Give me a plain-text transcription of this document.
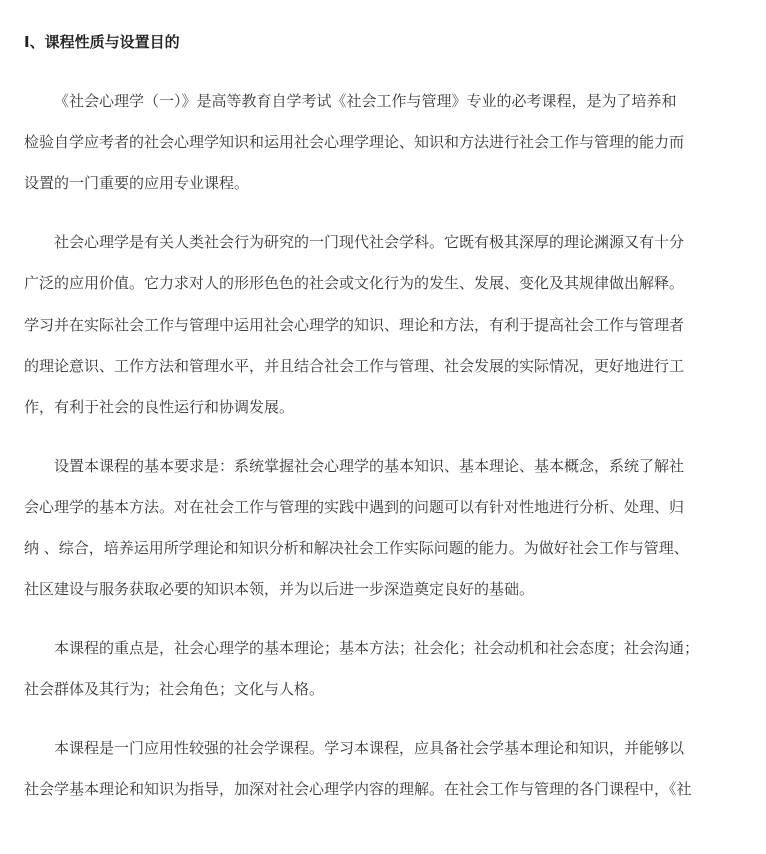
I、课程性质与设置目的
《社会心理学（一）》是高等教育自学考试《社会工作与管理》专业的必考课程，是为了培养和
检验自学应考者的社会心理学知识和运用社会心理学理论、知识和方法进行社会工作与管理的能力而
设置的一门重要的应用专业课程。
社会心理学是有关人类社会行为研究的一门现代社会学科。它既有极其深厚的理论渊源又有十分
广泛的应用价值。它力求对人的形形色色的社会或文化行为的发生、发展、变化及其规律做出解释。
学习并在实际社会工作与管理中运用社会心理学的知识、理论和方法，有利于提高社会工作与管理者
的理论意识、工作方法和管理水平，并且结合社会工作与管理、社会发展的实际情况，更好地进行工
作，有利于社会的良性运行和协调发展。
设置本课程的基本要求是：系统掌握社会心理学的基本知识、基本理论、基本概念，系统了解社
会心理学的基本方法。对在社会工作与管理的实践中遇到的问题可以有针对性地进行分析、处理、归
纳 、综合，培养运用所学理论和知识分析和解决社会工作实际问题的能力。为做好社会工作与管理、
社区建设与服务获取必要的知识本领，并为以后进一步深造奠定良好的基础。
本课程的重点是，社会心理学的基本理论；基本方法；社会化；社会动机和社会态度；社会沟通；
社会群体及其行为；社会角色；文化与人格。
本课程是一门应用性较强的社会学课程。学习本课程，应具备社会学基本理论和知识，并能够以
社会学基本理论和知识为指导，加深对社会心理学内容的理解。在社会工作与管理的各门课程中，《社
